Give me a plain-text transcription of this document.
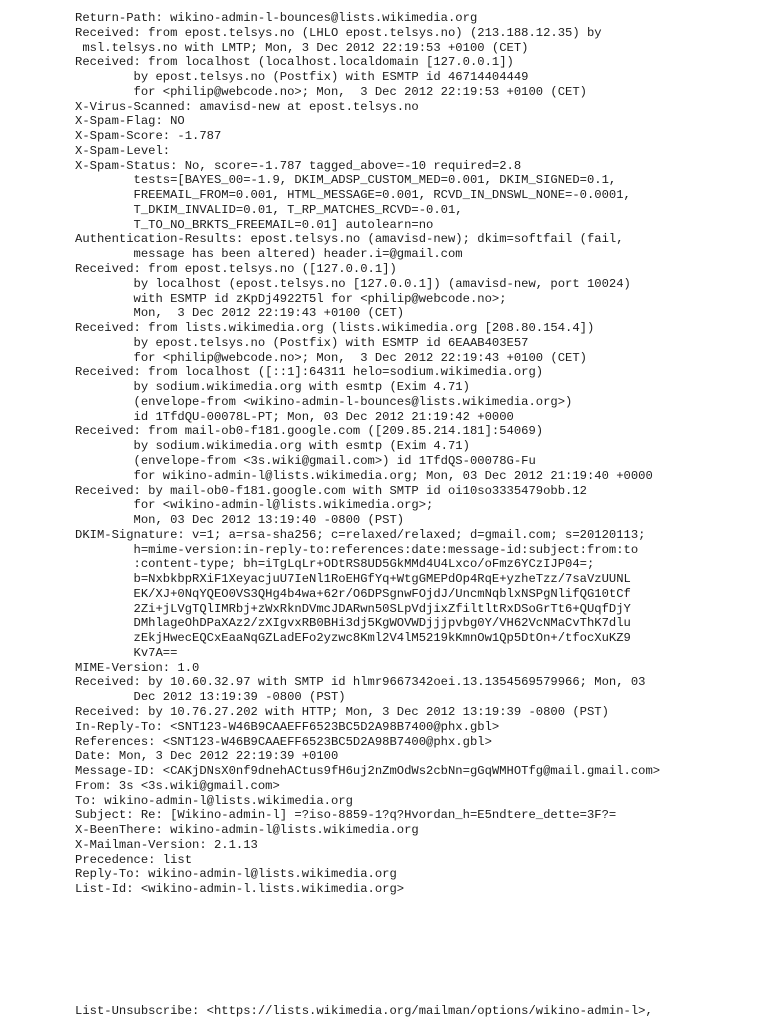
Return-Path: wikino-admin-l-bounces@lists.wikimedia.org
Received: from epost.telsys.no (LHLO epost.telsys.no) (213.188.12.35) by
msl.telsys.no with LMTP; Mon, 3 Dec 2012 22:19:53 +0100 (CET)
Received: from localhost (localhost.localdomain [127.0.0.1])
by epost.telsys.no (Postfix) with ESMTP id 46714404449
for <philip@webcode.no>; Mon,  3 Dec 2012 22:19:53 +0100 (CET)
X-Virus-Scanned: amavisd-new at epost.telsys.no
X-Spam-Flag: NO
X-Spam-Score: -1.787
X-Spam-Level:
X-Spam-Status: No, score=-1.787 tagged_above=-10 required=2.8
tests=[BAYES_00=-1.9, DKIM_ADSP_CUSTOM_MED=0.001, DKIM_SIGNED=0.1,
FREEMAIL_FROM=0.001, HTML_MESSAGE=0.001, RCVD_IN_DNSWL_NONE=-0.0001,
T_DKIM_INVALID=0.01, T_RP_MATCHES_RCVD=-0.01,
T_TO_NO_BRKTS_FREEMAIL=0.01] autolearn=no
Authentication-Results: epost.telsys.no (amavisd-new); dkim=softfail (fail,
message has been altered) header.i=@gmail.com
Received: from epost.telsys.no ([127.0.0.1])
by localhost (epost.telsys.no [127.0.0.1]) (amavisd-new, port 10024)
with ESMTP id zKpDj4922T5l for <philip@webcode.no>;
Mon,  3 Dec 2012 22:19:43 +0100 (CET)
Received: from lists.wikimedia.org (lists.wikimedia.org [208.80.154.4])
by epost.telsys.no (Postfix) with ESMTP id 6EAAB403E57
for <philip@webcode.no>; Mon,  3 Dec 2012 22:19:43 +0100 (CET)
Received: from localhost ([::1]:64311 helo=sodium.wikimedia.org)
by sodium.wikimedia.org with esmtp (Exim 4.71)
(envelope-from <wikino-admin-l-bounces@lists.wikimedia.org>)
id 1TfdQU-00078L-PT; Mon, 03 Dec 2012 21:19:42 +0000
Received: from mail-ob0-f181.google.com ([209.85.214.181]:54069)
by sodium.wikimedia.org with esmtp (Exim 4.71)
(envelope-from <3s.wiki@gmail.com>) id 1TfdQS-00078G-Fu
for wikino-admin-l@lists.wikimedia.org; Mon, 03 Dec 2012 21:19:40 +0000
Received: by mail-ob0-f181.google.com with SMTP id oi10so3335479obb.12
for <wikino-admin-l@lists.wikimedia.org>;
Mon, 03 Dec 2012 13:19:40 -0800 (PST)
DKIM-Signature: v=1; a=rsa-sha256; c=relaxed/relaxed; d=gmail.com; s=20120113;
h=mime-version:in-reply-to:references:date:message-id:subject:from:to
:content-type; bh=iTgLqLr+ODtRS8UD5GkMMd4U4Lxco/oFmz6YCzIJP04=;
b=NxbkbpRXiF1XeyacjuU7IeNl1RoEHGfYq+WtgGMEPdOp4RqE+yzheTzz/7saVzUUNL
EK/XJ+0NqYQEO0VS3QHg4b4wa+62r/O6DPSgnwFOjdJ/UncmNqblxNSPgNlifQG10tCf
2Zi+jLVgTQlIMRbj+zWxRknDVmcJDARwn50SLpVdjixZfiltltRxDSoGrTt6+QUqfDjY
DMhlageOhDPaXAz2/zXIgvxRB0BHi3dj5KgWOVWDjjjpvbg0Y/VH62VcNMaCvThK7dlu
zEkjHwecEQCxEaaNqGZLadEFo2yzwc8Kml2V4lM5219kKmnOw1Qp5DtOn+/tfocXuKZ9
Kv7A==
MIME-Version: 1.0
Received: by 10.60.32.97 with SMTP id hlmr9667342oei.13.1354569579966; Mon, 03
Dec 2012 13:19:39 -0800 (PST)
Received: by 10.76.27.202 with HTTP; Mon, 3 Dec 2012 13:19:39 -0800 (PST)
In-Reply-To: <SNT123-W46B9CAAEFF6523BC5D2A98B7400@phx.gbl>
References: <SNT123-W46B9CAAEFF6523BC5D2A98B7400@phx.gbl>
Date: Mon, 3 Dec 2012 22:19:39 +0100
Message-ID: <CAKjDNsX0nf9dnehACtus9fH6uj2nZmOdWs2cbNn=gGqWMHOTfg@mail.gmail.com>
From: 3s <3s.wiki@gmail.com>
To: wikino-admin-l@lists.wikimedia.org
Subject: Re: [Wikino-admin-l] =?iso-8859-1?q?Hvordan_h=E5ndtere_dette=3F?=
X-BeenThere: wikino-admin-l@lists.wikimedia.org
X-Mailman-Version: 2.1.13
Precedence: list
Reply-To: wikino-admin-l@lists.wikimedia.org
List-Id: <wikino-admin-l.lists.wikimedia.org>
List-Unsubscribe: <https://lists.wikimedia.org/mailman/options/wikino-admin-l>,
